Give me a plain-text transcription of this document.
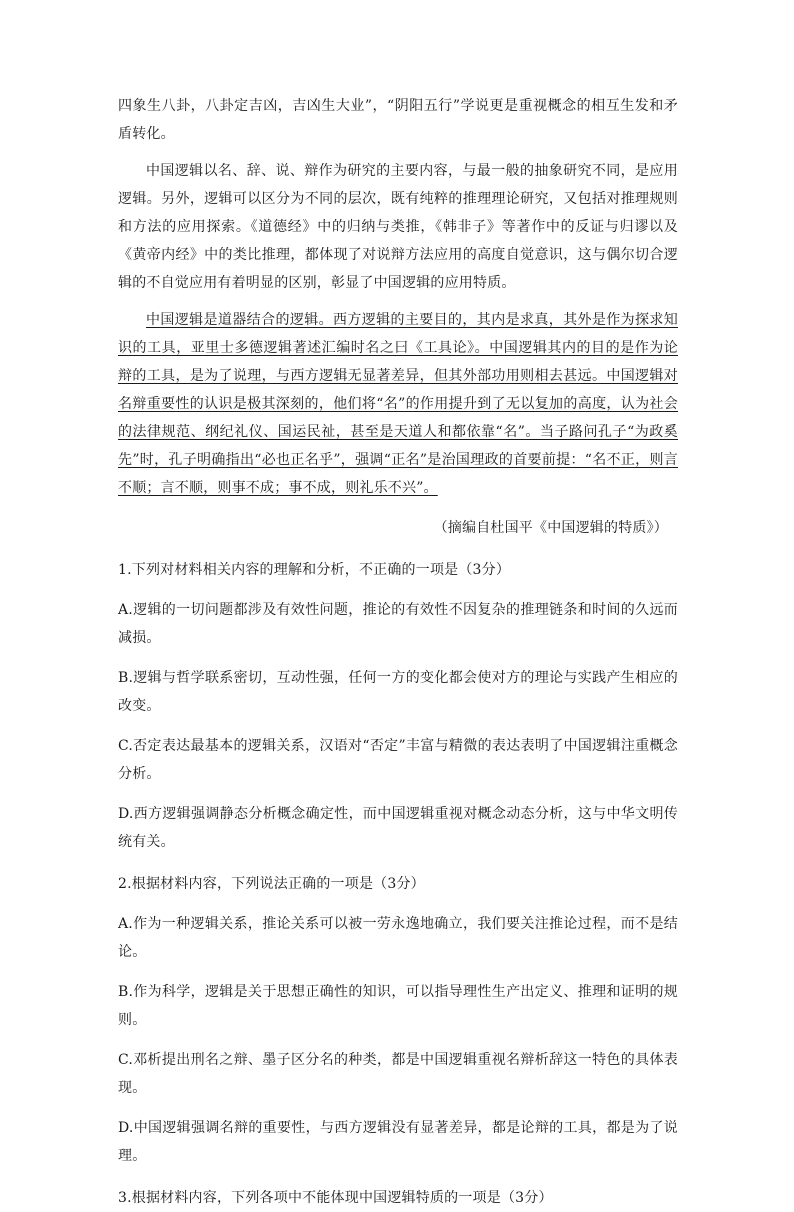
四象生八卦，八卦定吉凶，吉凶生大业”，“阴阳五行”学说更是重视概念的相互生发和矛盾转化。

中国逻辑以名、辞、说、辩作为研究的主要内容，与最一般的抽象研究不同，是应用逻辑。另外，逻辑可以区分为不同的层次，既有纯粹的推理理论研究，又包括对推理规则和方法的应用探索。《道德经》中的归纳与类推，《韩非子》等著作中的反证与归谬以及《黄帝内经》中的类比推理，都体现了对说辩方法应用的高度自觉意识，这与偶尔切合逻辑的不自觉应用有着明显的区别，彰显了中国逻辑的应用特质。

中国逻辑是道器结合的逻辑。西方逻辑的主要目的，其内是求真，其外是作为探求知识的工具，亚里士多德逻辑著述汇编时名之曰《工具论》。中国逻辑其内的目的是作为论辩的工具，是为了说理，与西方逻辑无显著差异，但其外部功用则相去甚远。中国逻辑对名辩重要性的认识是极其深刻的，他们将“名”的作用提升到了无以复加的高度，认为社会的法律规范、纲纪礼仪、国运民祉，甚至是天道人和都依靠“名”。当子路问孔子“为政奚先”时，孔子明确指出“必也正名乎”，强调“正名”是治国理政的首要前提：“名不正，则言不顺；言不顺，则事不成；事不成，则礼乐不兴”。

（摘编自杜国平《中国逻辑的特质》）

1.下列对材料相关内容的理解和分析，不正确的一项是（3分）

A.逻辑的一切问题都涉及有效性问题，推论的有效性不因复杂的推理链条和时间的久远而减损。

B.逻辑与哲学联系密切，互动性强，任何一方的变化都会使对方的理论与实践产生相应的改变。

C.否定表达最基本的逻辑关系，汉语对“否定”丰富与精微的表达表明了中国逻辑注重概念分析。

D.西方逻辑强调静态分析概念确定性，而中国逻辑重视对概念动态分析，这与中华文明传统有关。

2.根据材料内容，下列说法正确的一项是（3分）

A.作为一种逻辑关系，推论关系可以被一劳永逸地确立，我们要关注推论过程，而不是结论。

B.作为科学，逻辑是关于思想正确性的知识，可以指导理性生产出定义、推理和证明的规则。

C.邓析提出刑名之辩、墨子区分名的种类，都是中国逻辑重视名辩析辞这一特色的具体表现。

D.中国逻辑强调名辩的重要性，与西方逻辑没有显著差异，都是论辩的工具，都是为了说理。

3.根据材料内容，下列各项中不能体现中国逻辑特质的一项是（3分）
